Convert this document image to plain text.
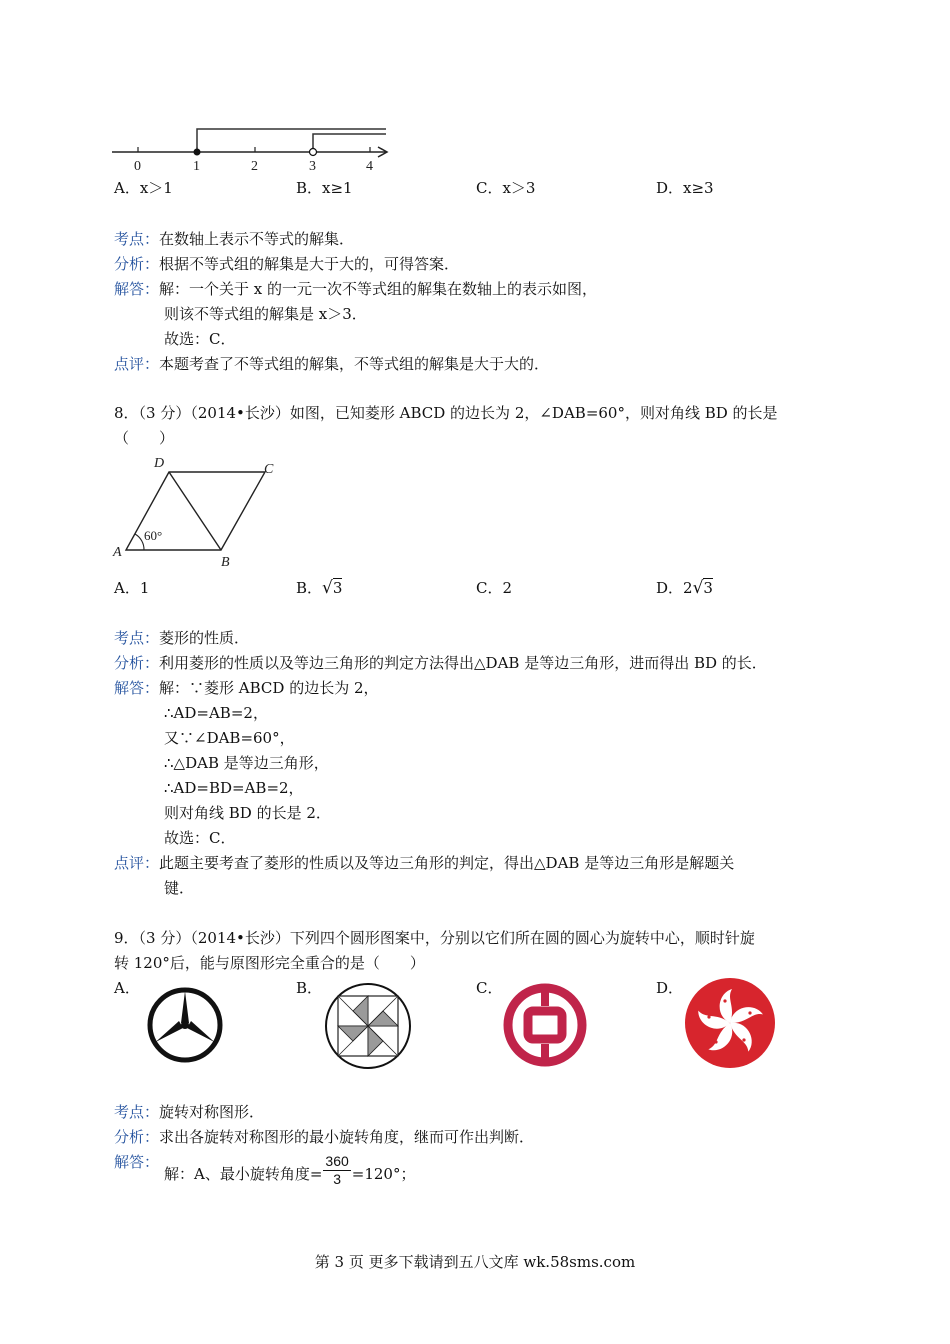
0	1	2	3	4
A．x＞1	B．x≥1	C．x＞3	D．x≥3
考点：在数轴上表示不等式的解集．
分析：根据不等式组的解集是大于大的，可得答案．
解答：解：一个关于 x 的一元一次不等式组的解集在数轴上的表示如图，
则该不等式组的解集是 x＞3．
故选：C．
点评：本题考查了不等式组的解集，不等式组的解集是大于大的．
8．（3 分）（2014•长沙）如图，已知菱形 ABCD 的边长为 2，∠DAB=60°，则对角线 BD 的长是
（　　）
A
B
C
D
60°
A．1	B．√3	C．2	D．2√3
考点：菱形的性质．
分析：利用菱形的性质以及等边三角形的判定方法得出△DAB 是等边三角形，进而得出 BD 的长．
解答：解：∵菱形 ABCD 的边长为 2，
∴AD=AB=2，
又∵∠DAB=60°，
∴△DAB 是等边三角形，
∴AD=BD=AB=2，
则对角线 BD 的长是 2．
故选：C．
点评：此题主要考查了菱形的性质以及等边三角形的判定，得出△DAB 是等边三角形是解题关
键．
9．（3 分）（2014•长沙）下列四个圆形图案中，分别以它们所在圆的圆心为旋转中心，顺时针旋
转 120°后，能与原图形完全重合的是（　　）
A．	B．	C．	D．
考点：旋转对称图形．
分析：求出各旋转对称图形的最小旋转角度，继而可作出判断．
解答：
解：A、最小旋转角度= $\frac{360}{3} =120^\circ$；
第 3 页 更多下载请到五八文库 wk.58sms.com
